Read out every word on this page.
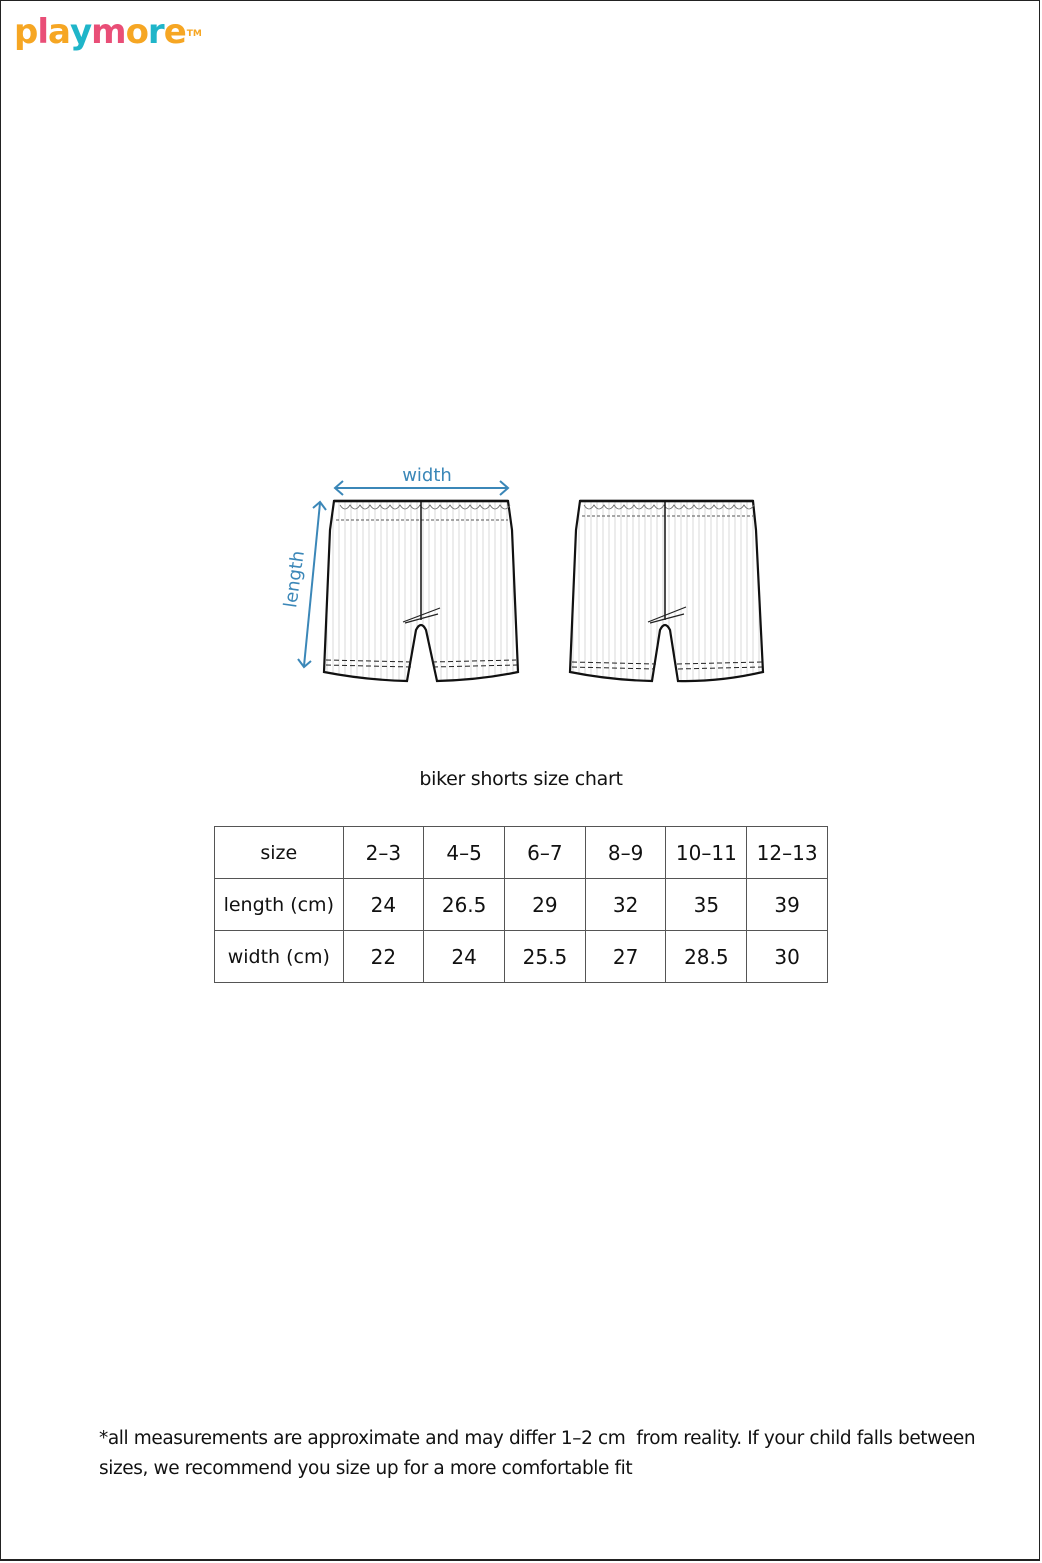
p l a y m o r e TM
width
length
biker shorts size chart
size	2–3	4–5	6–7	8–9	10–11	12–13
length (cm)	24	26.5	29	32	35	39
width (cm)	22	24	25.5	27	28.5	30
*all measurements are approximate and may differ 1–2 cm  from reality. If your child falls between
sizes, we recommend you size up for a more comfortable fit
